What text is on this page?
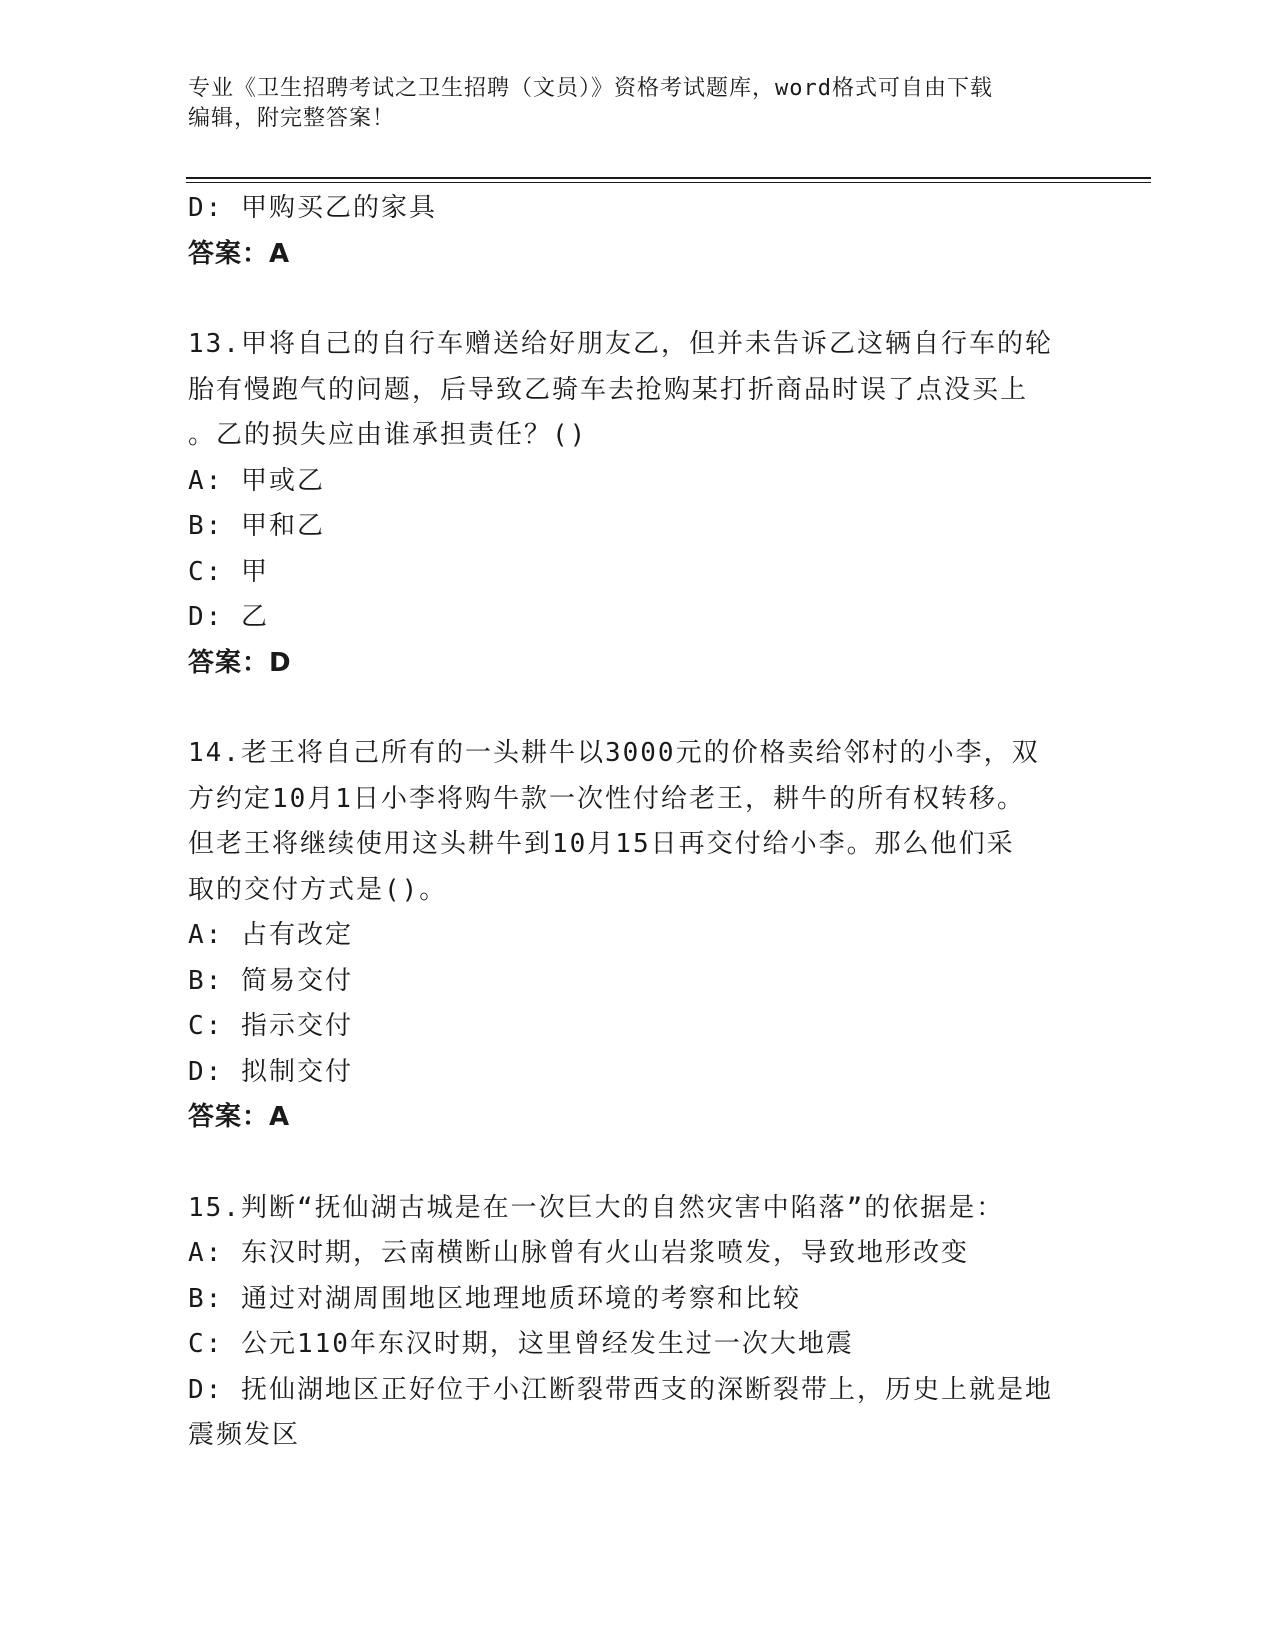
专业《卫生招聘考试之卫生招聘（文员）》资格考试题库，word格式可自由下载
编辑，附完整答案！
D: 甲购买乙的家具
答案：A
13.甲将自己的自行车赠送给好朋友乙，但并未告诉乙这辆自行车的轮
胎有慢跑气的问题，后导致乙骑车去抢购某打折商品时误了点没买上
。乙的损失应由谁承担责任？()
A: 甲或乙
B: 甲和乙
C: 甲
D: 乙
答案：D
14.老王将自己所有的一头耕牛以3000元的价格卖给邻村的小李，双
方约定10月1日小李将购牛款一次性付给老王，耕牛的所有权转移。
但老王将继续使用这头耕牛到10月15日再交付给小李。那么他们采
取的交付方式是()。
A: 占有改定
B: 简易交付
C: 指示交付
D: 拟制交付
答案：A
15.判断“抚仙湖古城是在一次巨大的自然灾害中陷落”的依据是：
A: 东汉时期，云南横断山脉曾有火山岩浆喷发，导致地形改变
B: 通过对湖周围地区地理地质环境的考察和比较
C: 公元110年东汉时期，这里曾经发生过一次大地震
D: 抚仙湖地区正好位于小江断裂带西支的深断裂带上，历史上就是地
震频发区
